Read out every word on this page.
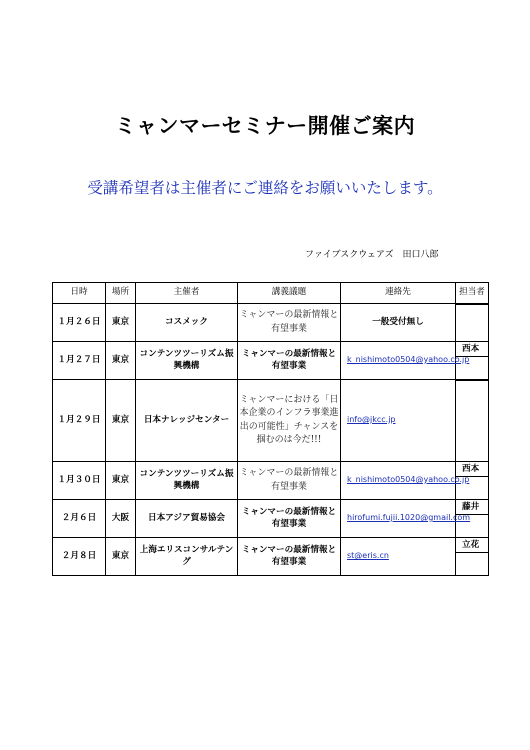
ミャンマーセミナー開催ご案内
受講希望者は主催者にご連絡をお願いいたします。
ファイブスクウェアズ　田口八郎
日時	場所	主催者	講義議題	連絡先	担当者
１月２６日	東京	コスメック	ミャンマーの最新情報と有望事業	一般受付無し	

１月２７日	東京	コンテンツツーリズム振興機構	ミャンマーの最新情報と有望事業	k_nishimoto0504@yahoo.co.jp	西本

１月２９日	東京	日本ナレッジセンター	ミャンマーにおける「日本企業のインフラ事業進出の可能性」チャンスを掴むのは今だ!!!	info@jkcc.jp	

１月３０日	東京	コンテンツツーリズム振興機構	ミャンマーの最新情報と有望事業	k_nishimoto0504@yahoo.co.jp	西本

２月６日	大阪	日本アジア貿易協会	ミャンマーの最新情報と有望事業	hirofumi.fujii.1020@gmail.com	藤井

２月８日	東京	上海エリスコンサルテング	ミャンマーの最新情報と有望事業	st@eris.cn	立花
